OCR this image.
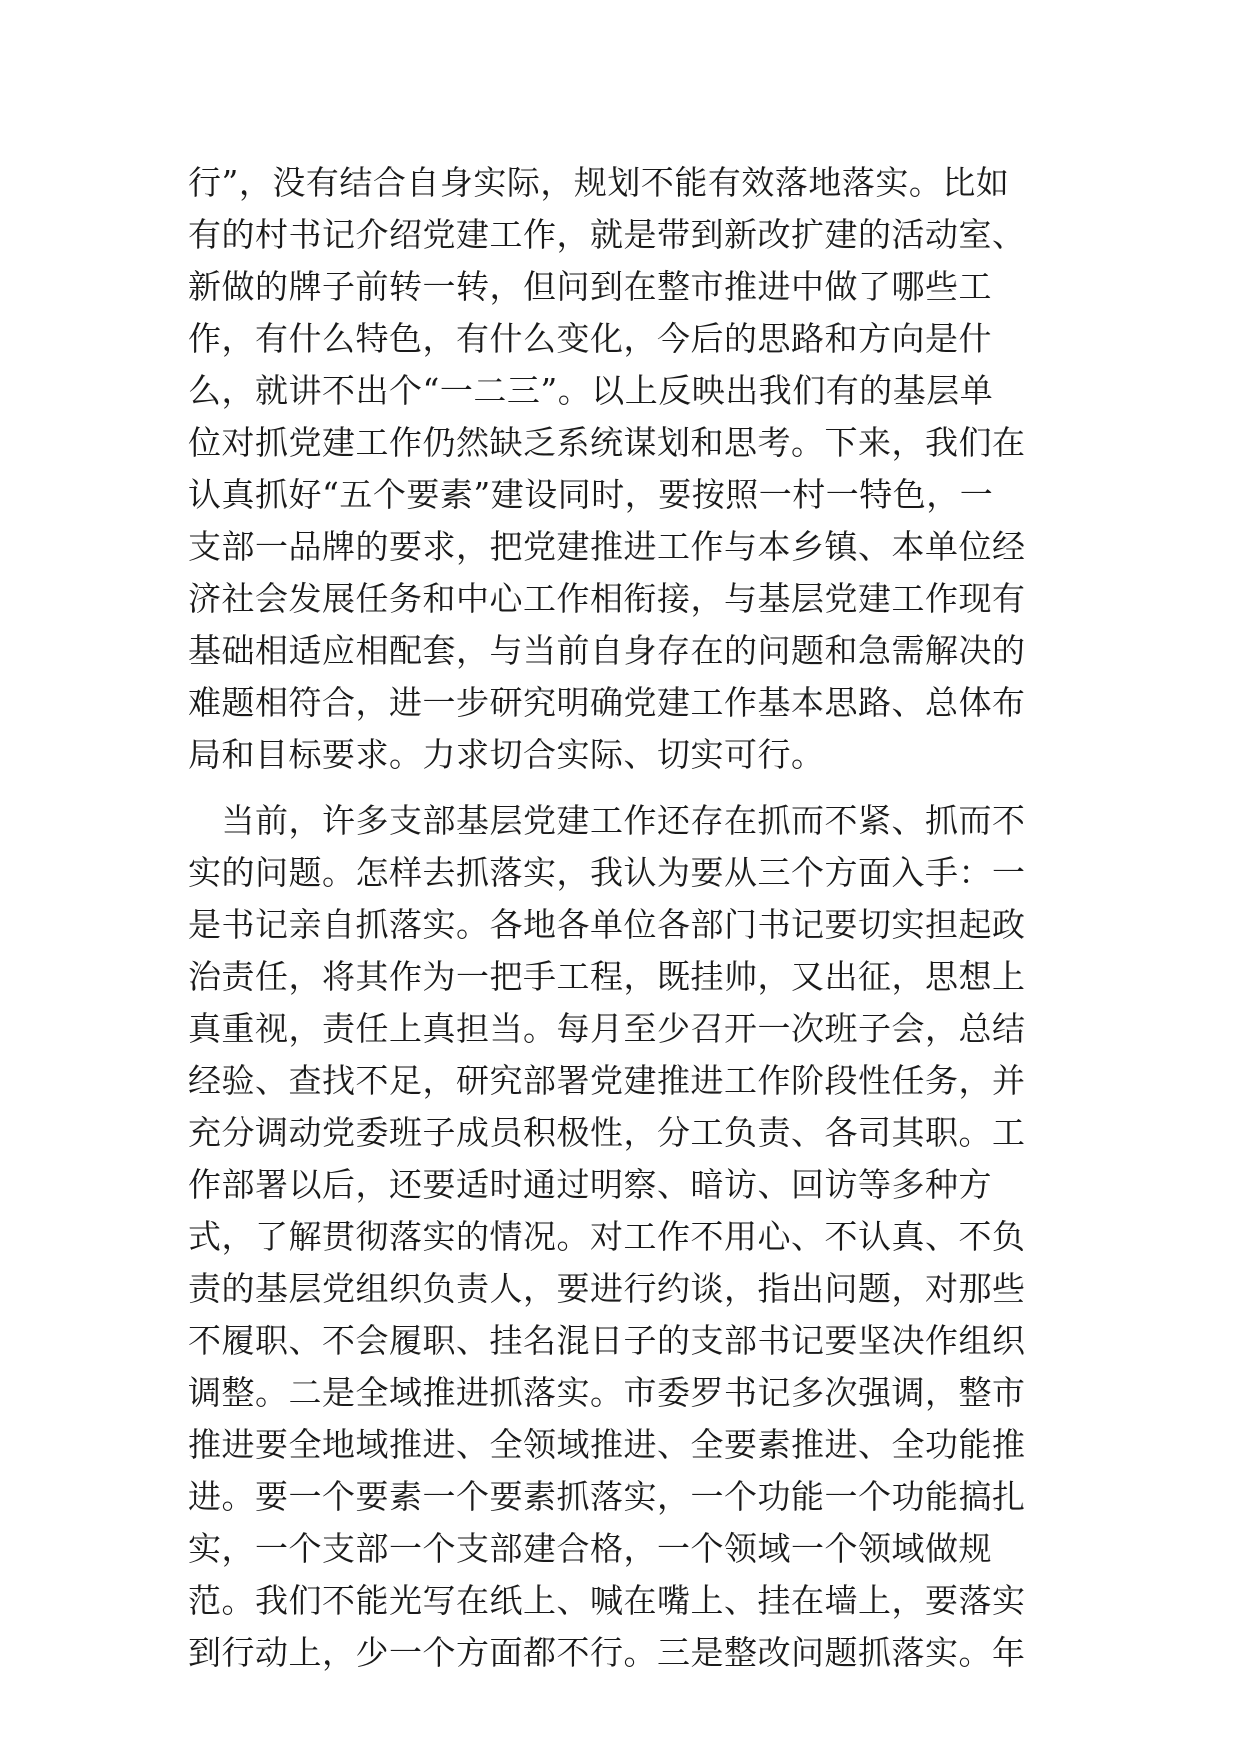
行”，没有结合自身实际，规划不能有效落地落实。比如
有的村书记介绍党建工作，就是带到新改扩建的活动室、
新做的牌子前转一转，但问到在整市推进中做了哪些工
作，有什么特色，有什么变化，今后的思路和方向是什
么，就讲不出个“一二三”。以上反映出我们有的基层单
位对抓党建工作仍然缺乏系统谋划和思考。下来，我们在
认真抓好“五个要素”建设同时，要按照一村一特色，一
支部一品牌的要求，把党建推进工作与本乡镇、本单位经
济社会发展任务和中心工作相衔接，与基层党建工作现有
基础相适应相配套，与当前自身存在的问题和急需解决的
难题相符合，进一步研究明确党建工作基本思路、总体布
局和目标要求。力求切合实际、切实可行。
　当前，许多支部基层党建工作还存在抓而不紧、抓而不
实的问题。怎样去抓落实，我认为要从三个方面入手：一
是书记亲自抓落实。各地各单位各部门书记要切实担起政
治责任，将其作为一把手工程，既挂帅，又出征，思想上
真重视，责任上真担当。每月至少召开一次班子会，总结
经验、查找不足，研究部署党建推进工作阶段性任务，并
充分调动党委班子成员积极性，分工负责、各司其职。工
作部署以后，还要适时通过明察、暗访、回访等多种方
式，了解贯彻落实的情况。对工作不用心、不认真、不负
责的基层党组织负责人，要进行约谈，指出问题，对那些
不履职、不会履职、挂名混日子的支部书记要坚决作组织
调整。二是全域推进抓落实。市委罗书记多次强调，整市
推进要全地域推进、全领域推进、全要素推进、全功能推
进。要一个要素一个要素抓落实，一个功能一个功能搞扎
实，一个支部一个支部建合格，一个领域一个领域做规
范。我们不能光写在纸上、喊在嘴上、挂在墙上，要落实
到行动上，少一个方面都不行。三是整改问题抓落实。年
